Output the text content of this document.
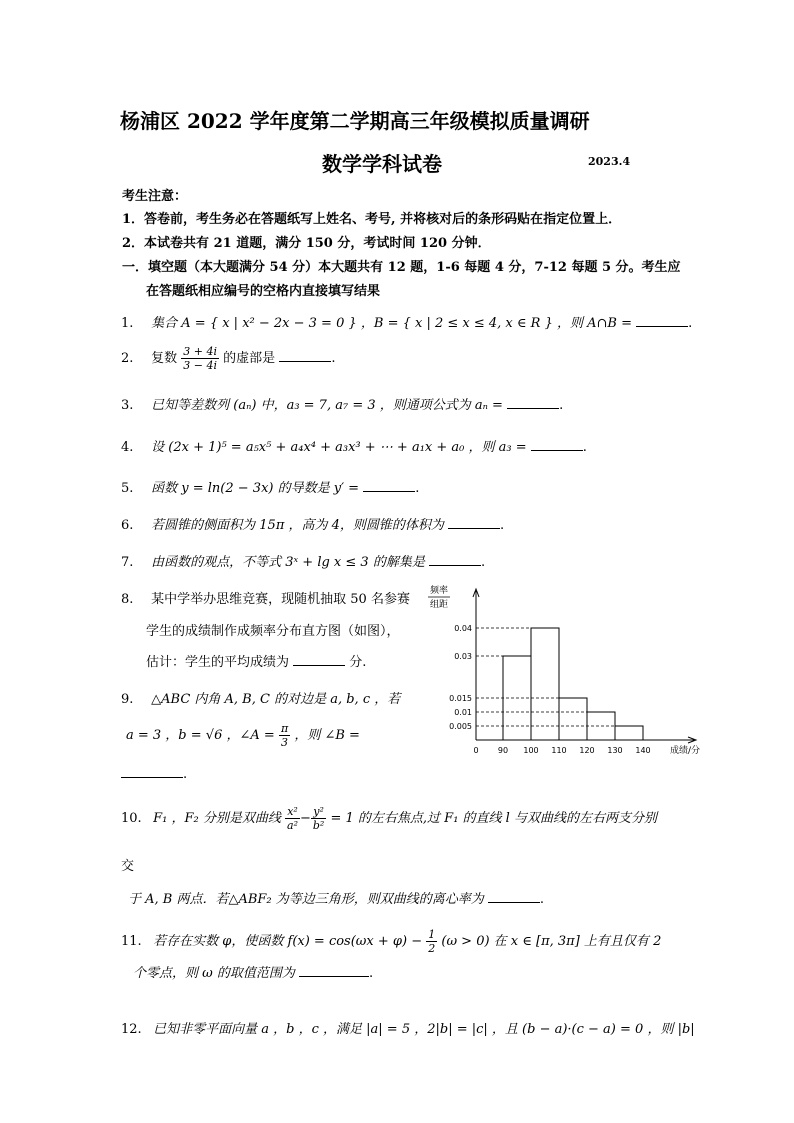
杨浦区 2022 学年度第二学期高三年级模拟质量调研
数学学科试卷	2023.4
考生注意：
1．答卷前，考生务必在答题纸写上姓名、考号, 并将核对后的条形码贴在指定位置上．
2．本试卷共有 21 道题，满分 150 分，考试时间 120 分钟．
一．填空题（本大题满分 54 分）本大题共有 12 题，1-6 每题 4 分，7-12 每题 5 分。考生应
在答题纸相应编号的空格内直接填写结果
1. 集合 A = { x | x² − 2x − 3 = 0 } ，B = { x | 2 ≤ x ≤ 4, x ∈ R } ，则 A∩B =	.
2. 复数 $\frac{3 + 4i}{3 - 4i}$ 的虚部是	.
3. 已知等差数列 (aₙ) 中，a₃ = 7, a₇ = 3 ，则通项公式为 aₙ =	.
4. 设 (2x + 1)⁵ = a₅x⁵ + a₄x⁴ + a₃x³ + ⋯ + a₁x + a₀ ，则 a₃ =	.
5. 函数 y = ln(2 − 3x) 的导数是 y′ =	.
6. 若圆锥的侧面积为 15π ，高为 4，则圆锥的体积为	.
7. 由函数的观点，不等式 3ˣ + lg x ≤ 3 的解集是	.
8. 某中学举办思维竞赛，现随机抽取 50 名参赛
学生的成绩制作成频率分布直方图（如图），
估计：学生的平均成绩为	分.
9. △ABC 内角 A, B, C 的对边是 a, b, c ，若
a = 3 ，b = √6 ，∠A = $\frac{\pi}{3}$ ，则 ∠B =
.
频率
组距
0.005
0.01
0.015
0.03
0.04
0 90 100 110 120 130 140 成绩/分
10. F₁ ，F₂ 分别是双曲线 $\frac{\text{x²}}{\text{a²}} - \frac{\text{y²}}{\text{b²}} = 1$ 的左右焦点,过 F₁ 的直线 l 与双曲线的左右两支分别
交
于 A, B 两点．若△ABF₂ 为等边三角形，则双曲线的离心率为	.
11. 若存在实数 φ，使函数 $f(x) = \cos(\omega x + \varphi) - \frac{1}{2} (\omega > 0)$ 在 x ∈ [π, 3π] 上有且仅有 2
个零点，则 ω 的取值范围为	.
12. 已知非零平面向量 a ，b ，c ，满足 |a| = 5 ，2|b| = |c| ，且 (b − a)·(c − a) = 0 ，则 |b|
